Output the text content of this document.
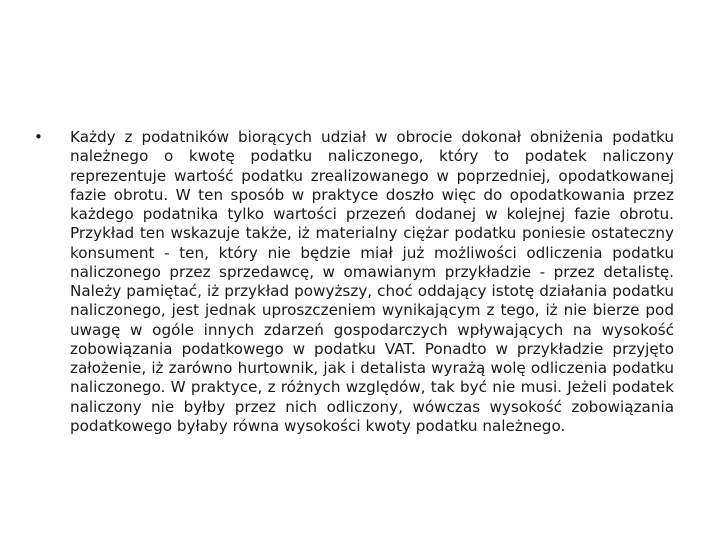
•	Każdy z podatników biorących udział w obrocie dokonał obniżenia podatku należnego o kwotę podatku naliczonego, który to podatek naliczony reprezentuje wartość podatku zrealizowanego w poprzedniej, opodatkowanej fazie obrotu. W ten sposób w praktyce doszło więc do opodatkowania przez każdego podatnika tylko wartości przezeń dodanej w kolejnej fazie obrotu. Przykład ten wskazuje także, iż materialny ciężar podatku poniesie ostateczny konsument - ten, który nie będzie miał już możliwości odliczenia podatku naliczonego przez sprzedawcę, w omawianym przykładzie - przez detalistę. Należy pamiętać, iż przykład powyższy, choć oddający istotę działania podatku naliczonego, jest jednak uproszczeniem wynikającym z tego, iż nie bierze pod uwagę w ogóle innych zdarzeń gospodarczych wpływających na wysokość zobowiązania podatkowego w podatku VAT. Ponadto w przykładzie przyjęto założenie, iż zarówno hurtownik, jak i detalista wyrażą wolę odliczenia podatku naliczonego. W praktyce, z różnych względów, tak być nie musi. Jeżeli podatek naliczony nie byłby przez nich odliczony, wówczas wysokość zobowiązania podatkowego byłaby równa wysokości kwoty podatku należnego.
